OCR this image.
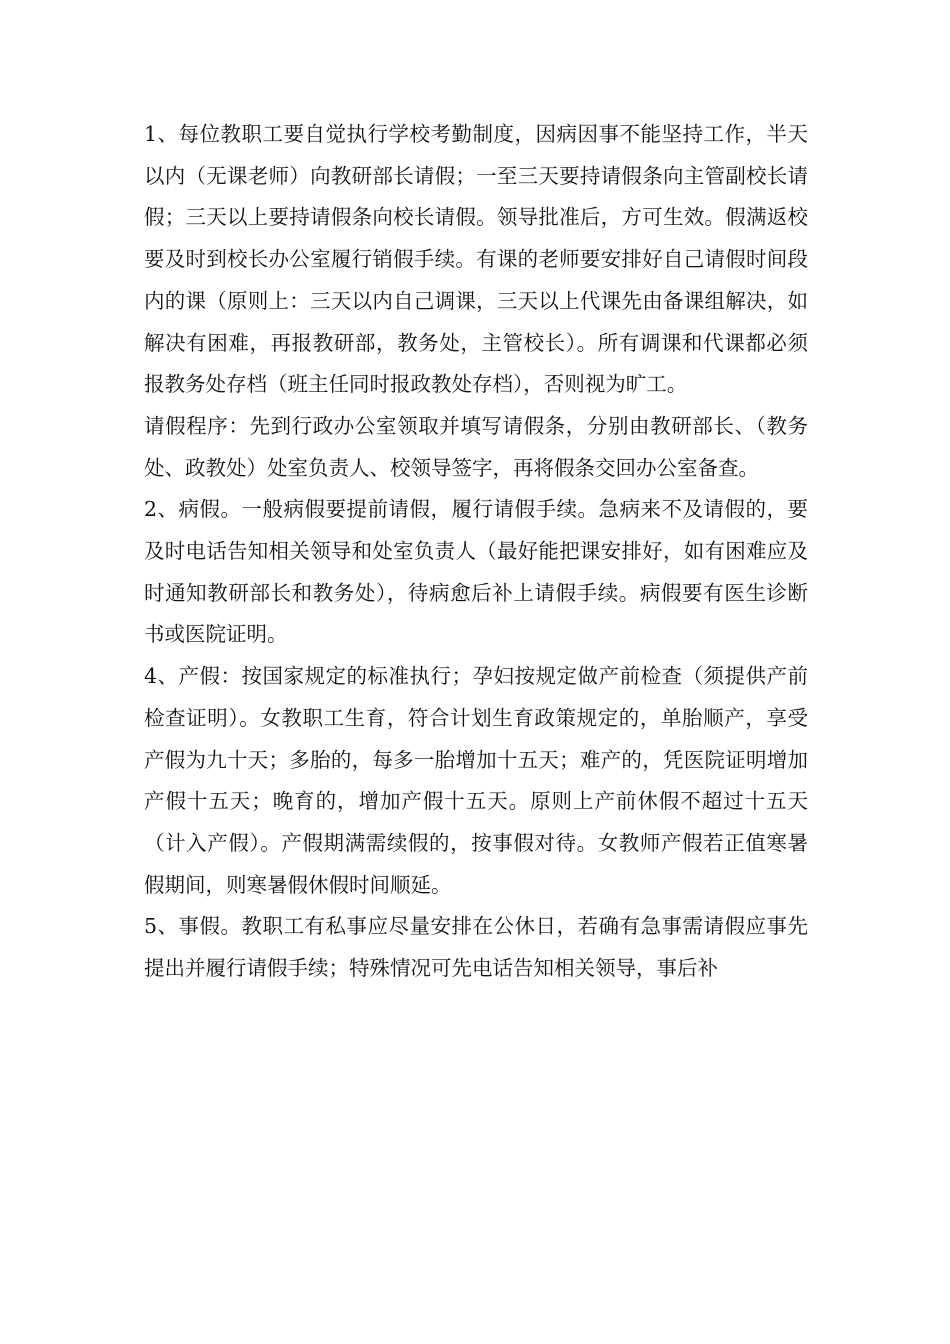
1、每位教职工要自觉执行学校考勤制度，因病因事不能坚持工作，半天以内（无课老师）向教研部长请假；一至三天要持请假条向主管副校长请假；三天以上要持请假条向校长请假。领导批准后，方可生效。假满返校要及时到校长办公室履行销假手续。有课的老师要安排好自己请假时间段内的课（原则上：三天以内自己调课，三天以上代课先由备课组解决，如解决有困难，再报教研部，教务处，主管校长）。所有调课和代课都必须报教务处存档（班主任同时报政教处存档），否则视为旷工。

请假程序：先到行政办公室领取并填写请假条，分别由教研部长、（教务处、政教处）处室负责人、校领导签字，再将假条交回办公室备查。

2、病假。一般病假要提前请假，履行请假手续。急病来不及请假的，要及时电话告知相关领导和处室负责人（最好能把课安排好，如有困难应及时通知教研部长和教务处），待病愈后补上请假手续。病假要有医生诊断书或医院证明。

4、产假：按国家规定的标准执行；孕妇按规定做产前检查（须提供产前检查证明）。女教职工生育，符合计划生育政策规定的，单胎顺产，享受产假为九十天；多胎的，每多一胎增加十五天；难产的，凭医院证明增加产假十五天；晚育的，增加产假十五天。原则上产前休假不超过十五天（计入产假）。产假期满需续假的，按事假对待。女教师产假若正值寒暑假期间，则寒暑假休假时间顺延。

5、事假。教职工有私事应尽量安排在公休日，若确有急事需请假应事先提出并履行请假手续；特殊情况可先电话告知相关领导，事后补
